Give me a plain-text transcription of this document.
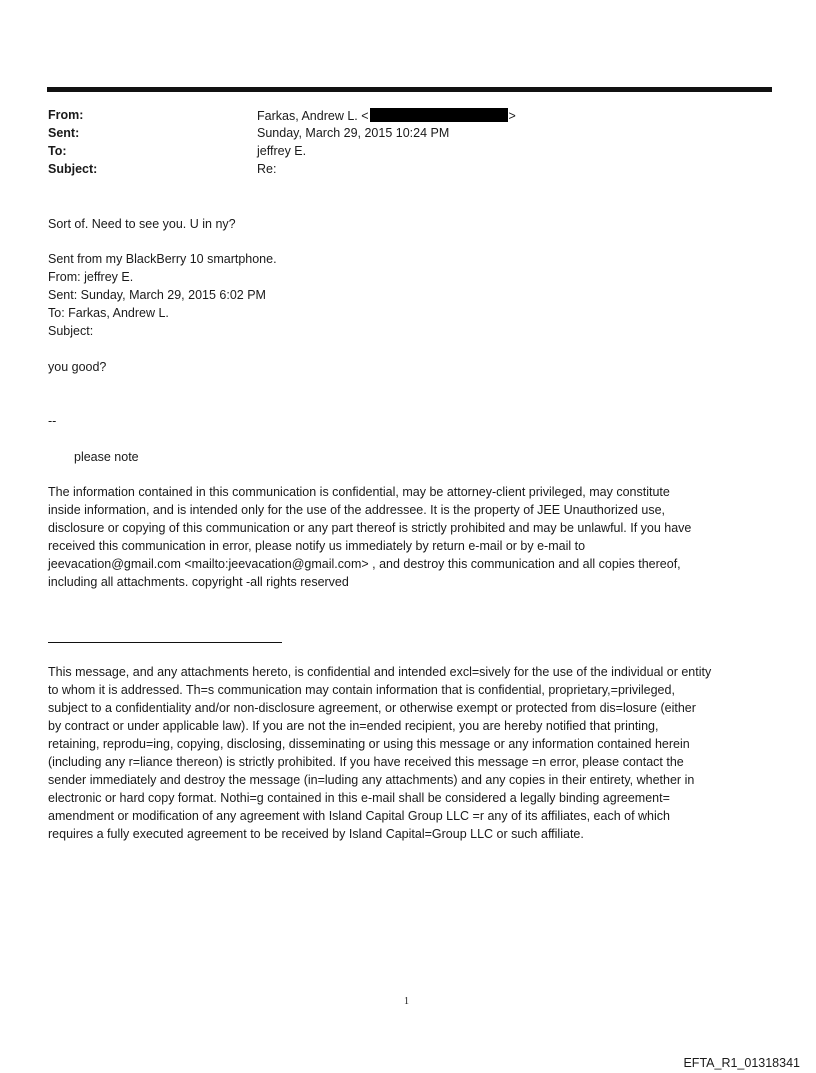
From:	Farkas, Andrew L. <	>
Sent:	Sunday, March 29, 2015 10:24 PM
To:	jeffrey E.
Subject:	Re:
Sort of. Need to see you. U in ny?
Sent from my BlackBerry 10 smartphone.
From: jeffrey E.
Sent: Sunday, March 29, 2015 6:02 PM
To: Farkas, Andrew L.
Subject:
you good?
--
please note
The information contained in this communication is confidential, may be attorney-client privileged, may constitute
inside information, and is intended only for the use of the addressee. It is the property of JEE Unauthorized use,
disclosure or copying of this communication or any part thereof is strictly prohibited and may be unlawful. If you have
received this communication in error, please notify us immediately by return e-mail or by e-mail to
jeevacation@gmail.com <mailto:jeevacation@gmail.com> , and destroy this communication and all copies thereof,
including all attachments. copyright -all rights reserved
This message, and any attachments hereto, is confidential and intended excl=sively for the use of the individual or entity
to whom it is addressed. Th=s communication may contain information that is confidential, proprietary,=privileged,
subject to a confidentiality and/or non-disclosure agreement, or otherwise exempt or protected from dis=losure (either
by contract or under applicable law). If you are not the in=ended recipient, you are hereby notified that printing,
retaining, reprodu=ing, copying, disclosing, disseminating or using this message or any information contained herein
(including any r=liance thereon) is strictly prohibited. If you have received this message =n error, please contact the
sender immediately and destroy the message (in=luding any attachments) and any copies in their entirety, whether in
electronic or hard copy format. Nothi=g contained in this e-mail shall be considered a legally binding agreement=
amendment or modification of any agreement with Island Capital Group LLC =r any of its affiliates, each of which
requires a fully executed agreement to be received by Island Capital=Group LLC or such affiliate.
1
EFTA_R1_01318341
